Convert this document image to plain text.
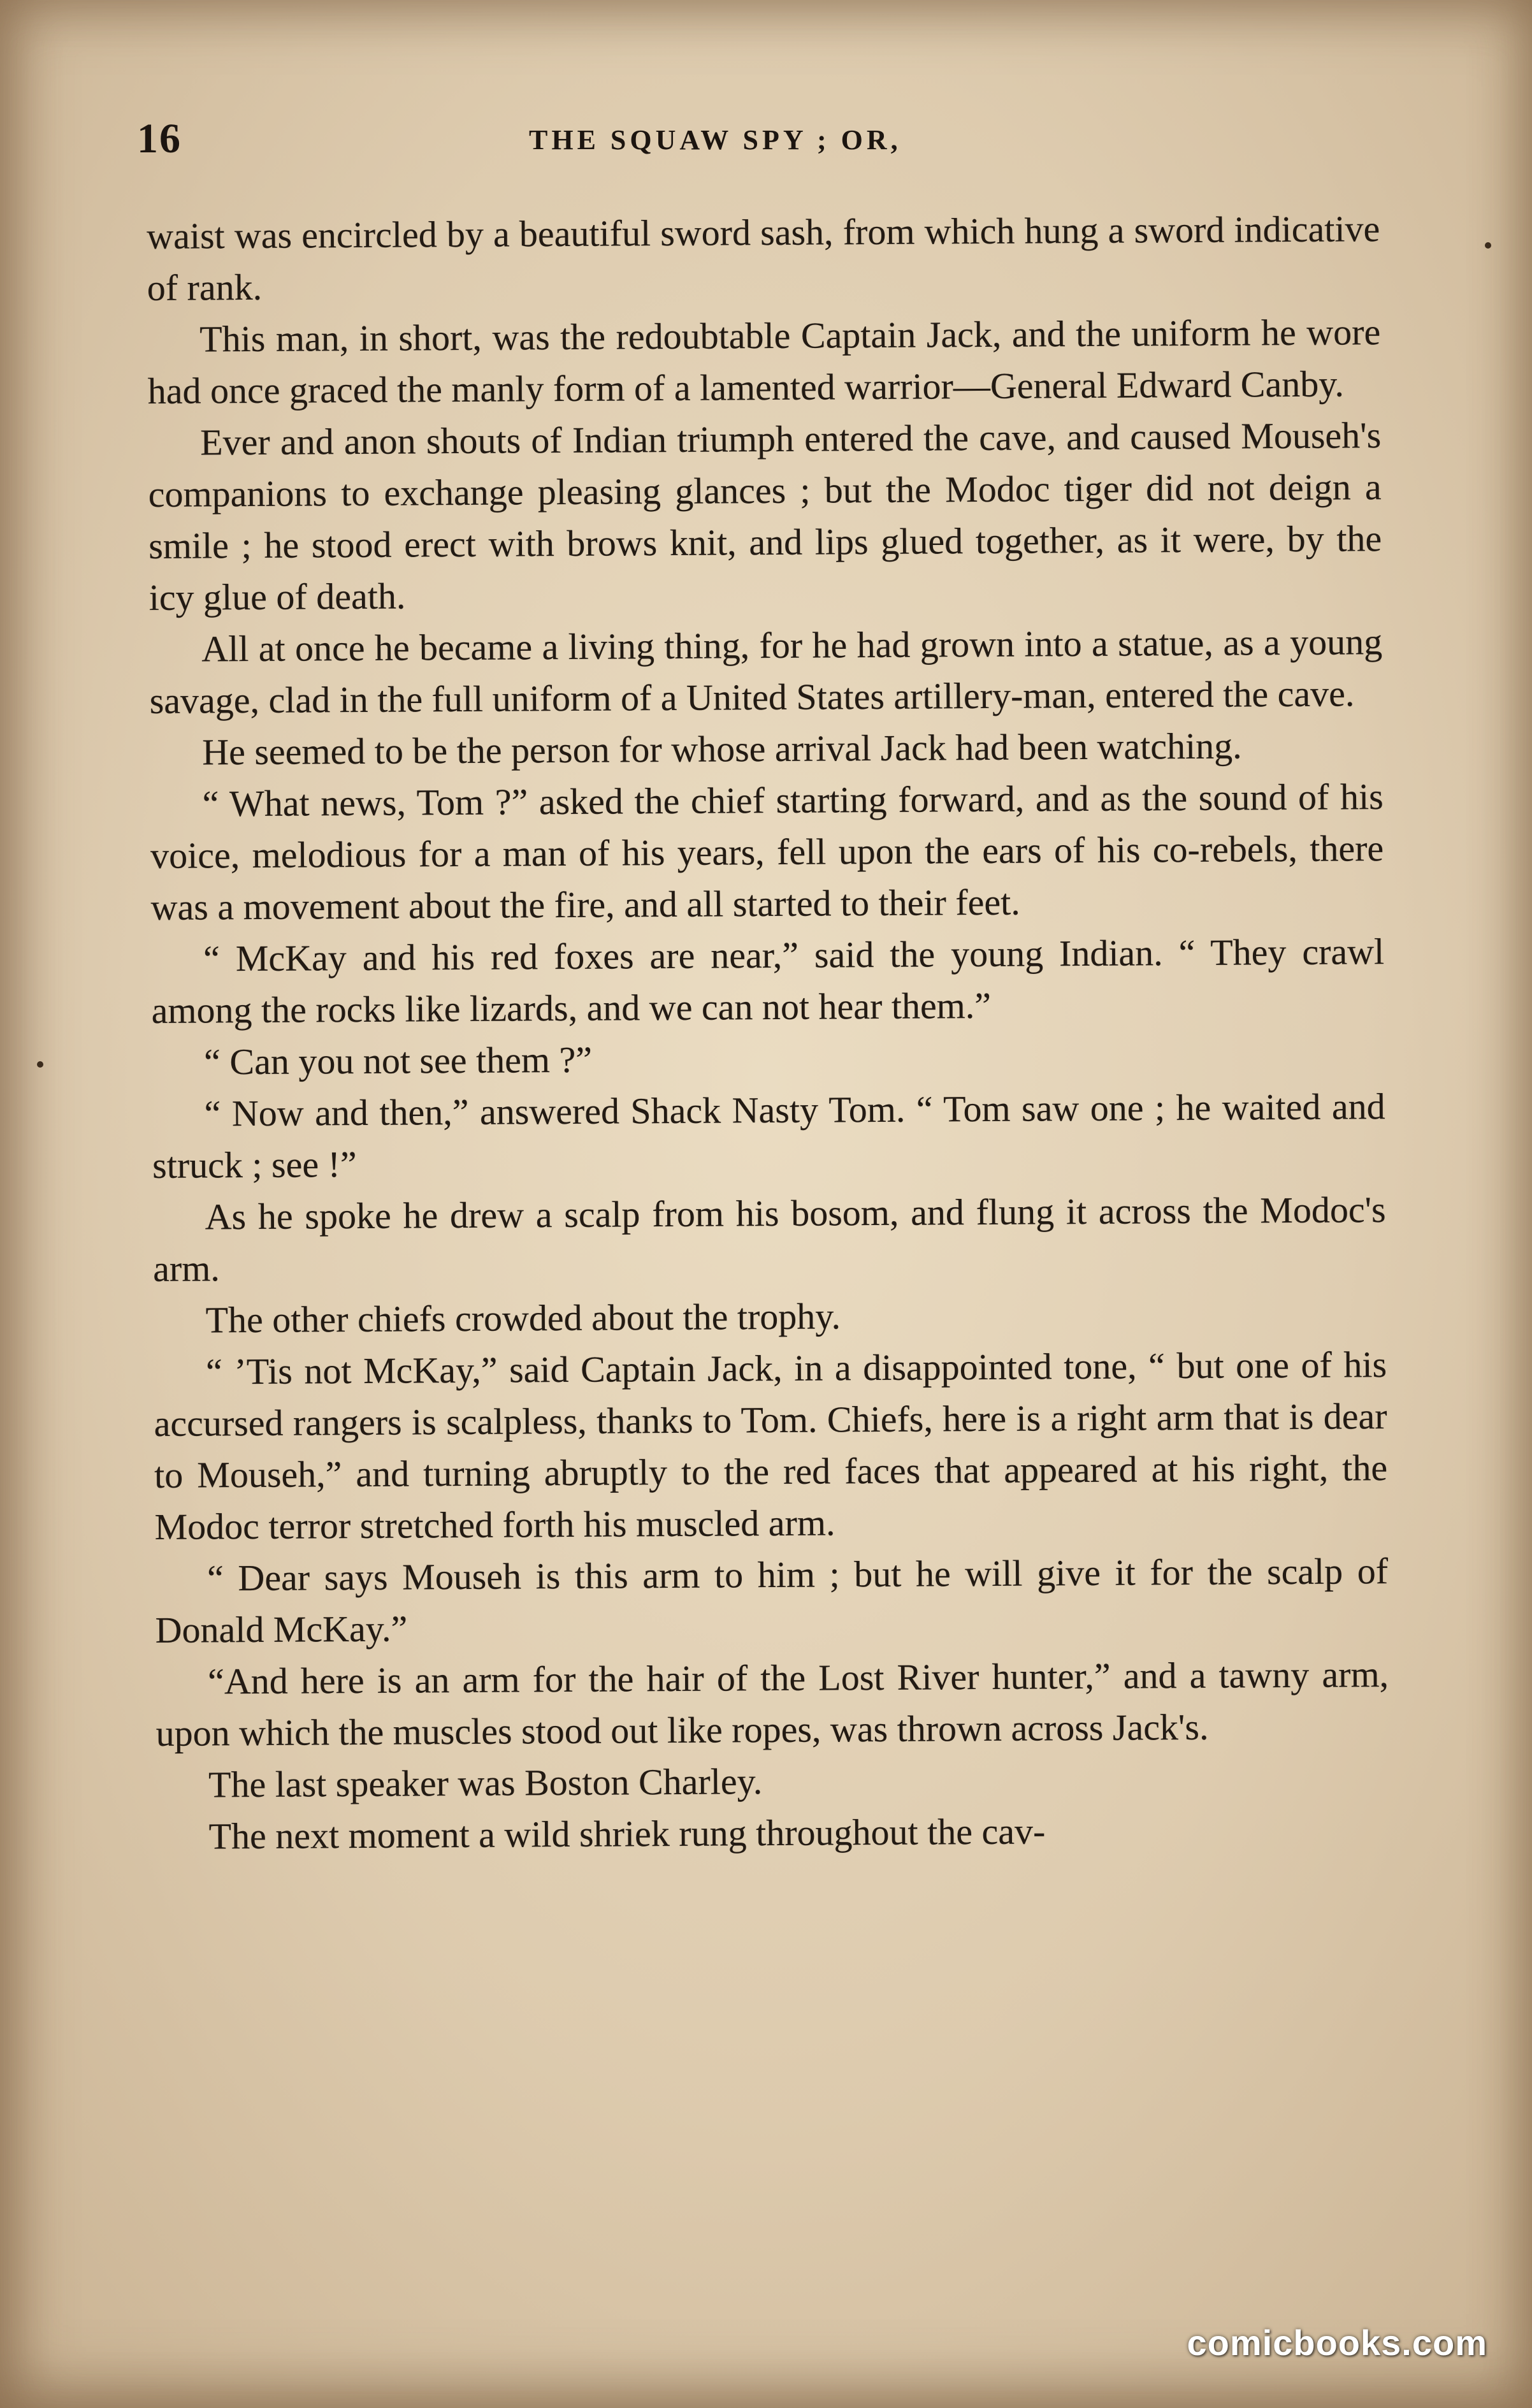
16	THE SQUAW SPY ; OR,

waist was encircled by a beautiful sword sash, from which hung a sword indicative of rank.

This man, in short, was the redoubtable Captain Jack, and the uniform he wore had once graced the manly form of a lamented warrior—General Edward Canby.

Ever and anon shouts of Indian triumph entered the cave, and caused Mouseh's companions to exchange pleasing glances ; but the Modoc tiger did not deign a smile ; he stood erect with brows knit, and lips glued together, as it were, by the icy glue of death.

All at once he became a living thing, for he had grown into a statue, as a young savage, clad in the full uniform of a United States artillery-man, entered the cave.

He seemed to be the person for whose arrival Jack had been watching.

“ What news, Tom ?” asked the chief starting forward, and as the sound of his voice, melodious for a man of his years, fell upon the ears of his co-rebels, there was a movement about the fire, and all started to their feet.

“ McKay and his red foxes are near,” said the young Indian. “ They crawl among the rocks like lizards, and we can not hear them.”

“ Can you not see them ?”

“ Now and then,” answered Shack Nasty Tom. “ Tom saw one ; he waited and struck ; see !”

As he spoke he drew a scalp from his bosom, and flung it across the Modoc's arm.

The other chiefs crowded about the trophy.

“ ’Tis not McKay,” said Captain Jack, in a disappointed tone, “ but one of his accursed rangers is scalpless, thanks to Tom. Chiefs, here is a right arm that is dear to Mouseh,” and turning abruptly to the red faces that appeared at his right, the Modoc terror stretched forth his muscled arm.

“ Dear says Mouseh is this arm to him ; but he will give it for the scalp of Donald McKay.”

“And here is an arm for the hair of the Lost River hunter,” and a tawny arm, upon which the muscles stood out like ropes, was thrown across Jack's.

The last speaker was Boston Charley.

The next moment a wild shriek rung throughout the cav-

comicbooks.com
